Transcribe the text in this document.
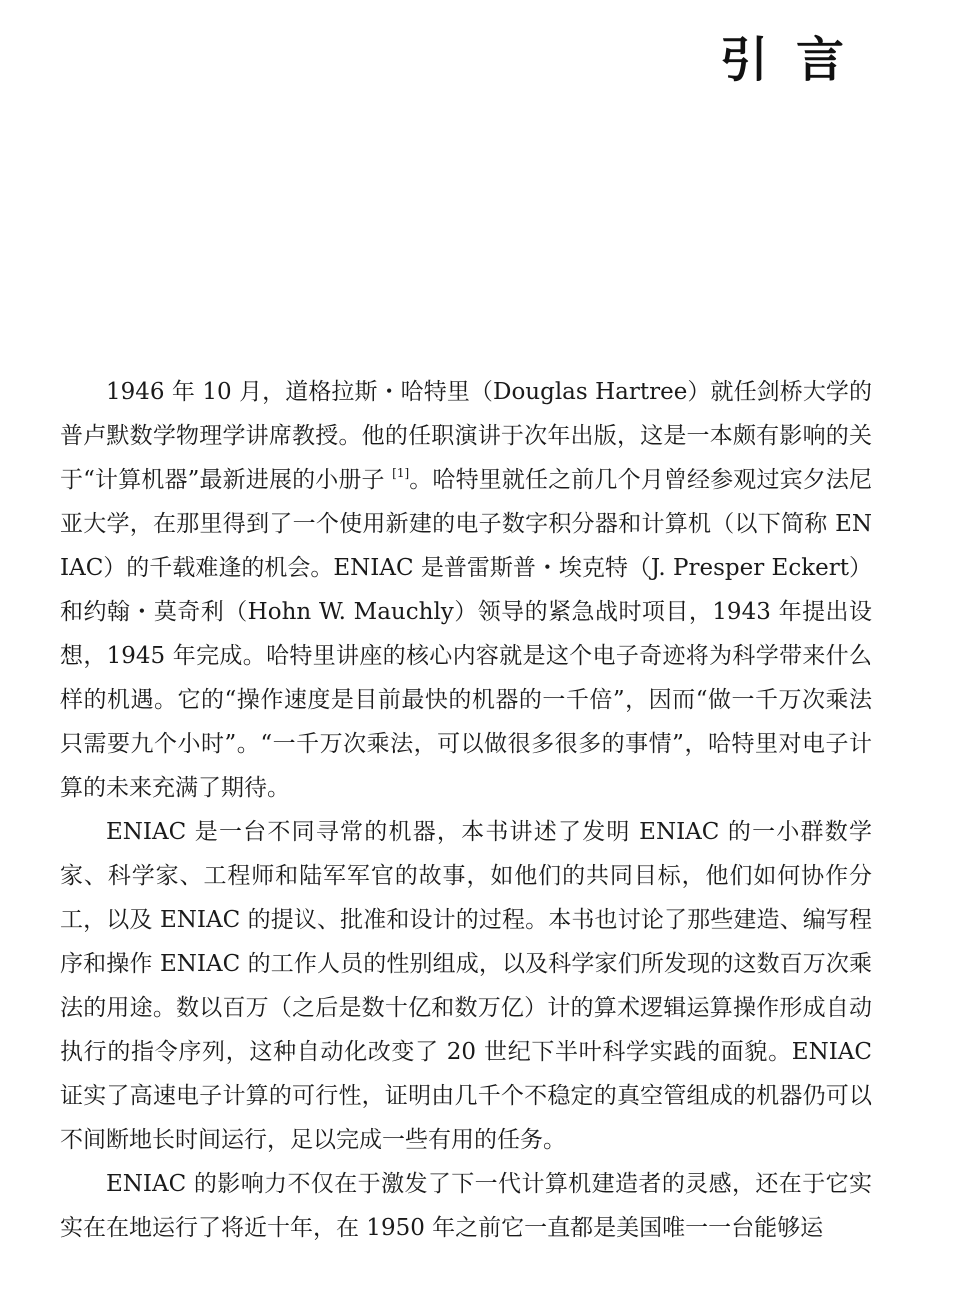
引言

1946 年 10 月，道格拉斯・哈特里（Douglas Hartree）就任剑桥大学的普卢默数学物理学讲席教授。他的任职演讲于次年出版，这是一本颇有影响的关于“计算机器”最新进展的小册子 [1]。哈特里就任之前几个月曾经参观过宾夕法尼亚大学，在那里得到了一个使用新建的电子数字积分器和计算机（以下简称 ENIAC）的千载难逢的机会。ENIAC 是普雷斯普・埃克特（J. Presper Eckert）和约翰・莫奇利（Hohn W. Mauchly）领导的紧急战时项目，1943 年提出设想，1945 年完成。哈特里讲座的核心内容就是这个电子奇迹将为科学带来什么样的机遇。它的“操作速度是目前最快的机器的一千倍”，因而“做一千万次乘法只需要九个小时”。“一千万次乘法，可以做很多很多的事情”，哈特里对电子计算的未来充满了期待。

ENIAC 是一台不同寻常的机器，本书讲述了发明 ENIAC 的一小群数学家、科学家、工程师和陆军军官的故事，如他们的共同目标，他们如何协作分工，以及 ENIAC 的提议、批准和设计的过程。本书也讨论了那些建造、编写程序和操作 ENIAC 的工作人员的性别组成，以及科学家们所发现的这数百万次乘法的用途。数以百万（之后是数十亿和数万亿）计的算术逻辑运算操作形成自动执行的指令序列，这种自动化改变了 20 世纪下半叶科学实践的面貌。ENIAC 证实了高速电子计算的可行性，证明由几千个不稳定的真空管组成的机器仍可以不间断地长时间运行，足以完成一些有用的任务。

ENIAC 的影响力不仅在于激发了下一代计算机建造者的灵感，还在于它实实在在地运行了将近十年，在 1950 年之前它一直都是美国唯一一台能够运
